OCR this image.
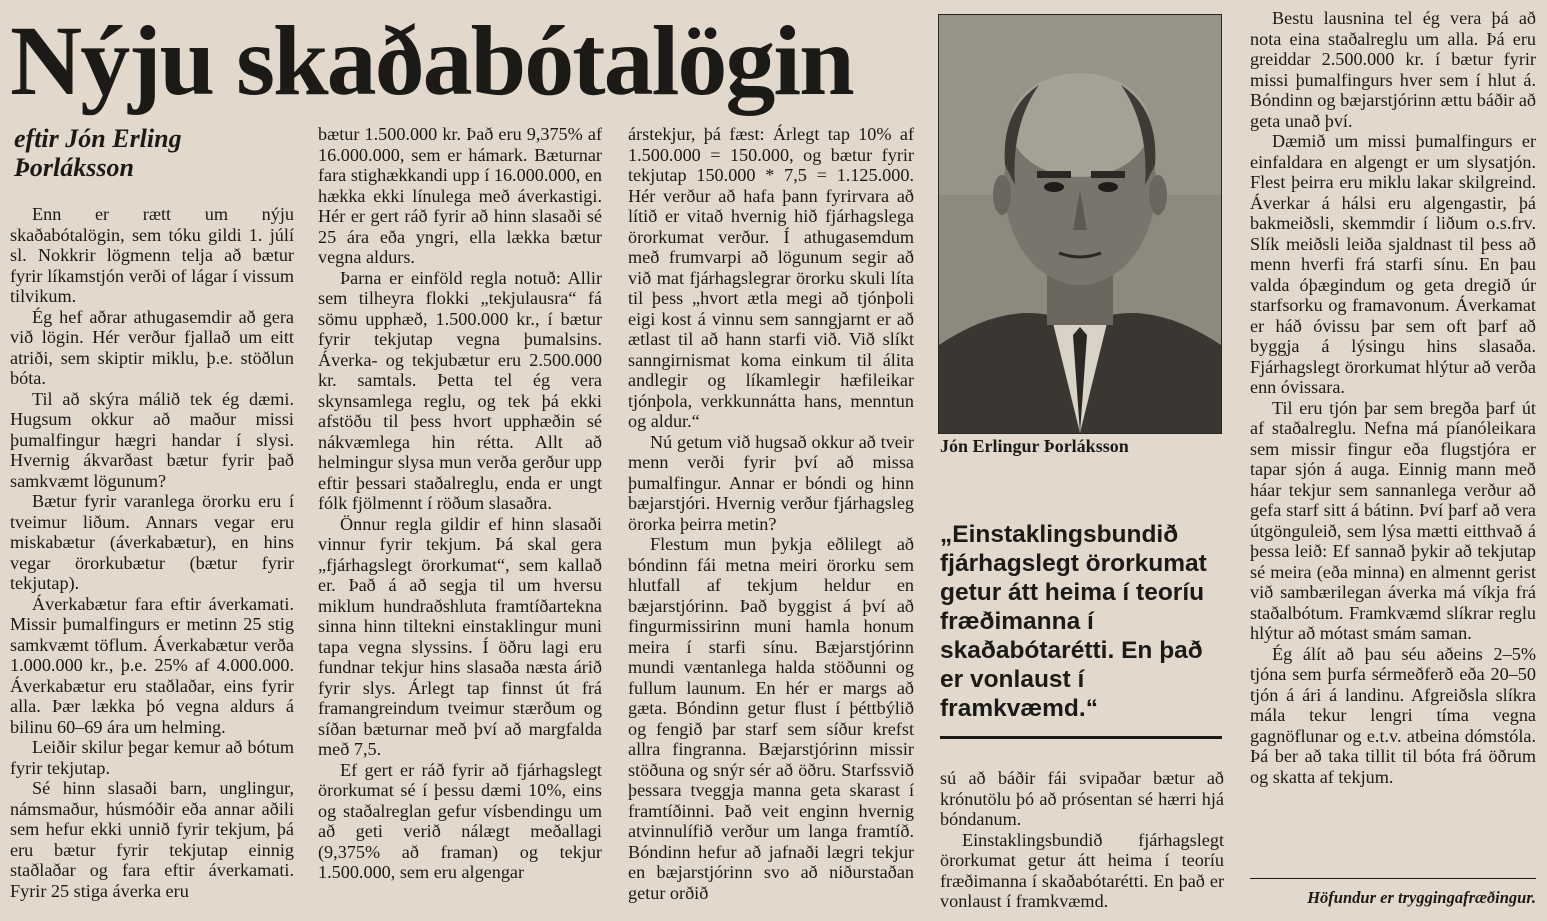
Nýju skaðabótalögin
eftir Jón Erling Þorláksson

Enn er rætt um nýju skaðabótalögin, sem tóku gildi 1. júlí sl. Nokkrir lögmenn telja að bætur fyrir líkamstjón verði of lágar í vissum tilvikum.

Ég hef aðrar athugasemdir að gera við lögin. Hér verður fjallað um eitt atriði, sem skiptir miklu, þ.e. stöðlun bóta.

Til að skýra málið tek ég dæmi. Hugsum okkur að maður missi þumalfingur hægri handar í slysi. Hvernig ákvarðast bætur fyrir það samkvæmt lögunum?

Bætur fyrir varanlega örorku eru í tveimur liðum. Annars vegar eru miskabætur (áverkabætur), en hins vegar örorkubætur (bætur fyrir tekjutap).

Áverkabætur fara eftir áverkamati. Missir þumalfingurs er metinn 25 stig samkvæmt töflum. Áverkabætur verða 1.000.000 kr., þ.e. 25% af 4.000.000. Áverkabætur eru staðlaðar, eins fyrir alla. Þær lækka þó vegna aldurs á bilinu 60–69 ára um helming.

Leiðir skilur þegar kemur að bótum fyrir tekjutap.

Sé hinn slasaði barn, unglingur, námsmaður, húsmóðir eða annar aðili sem hefur ekki unnið fyrir tekjum, þá eru bætur fyrir tekjutap einnig staðlaðar og fara eftir áverkamati. Fyrir 25 stiga áverka eru

bætur 1.500.000 kr. Það eru 9,375% af 16.000.000, sem er hámark. Bæturnar fara stighækkandi upp í 16.000.000, en hækka ekki línulega með áverkastigi. Hér er gert ráð fyrir að hinn slasaði sé 25 ára eða yngri, ella lækka bætur vegna aldurs.

Þarna er einföld regla notuð: Allir sem tilheyra flokki „tekjulausra“ fá sömu upphæð, 1.500.000 kr., í bætur fyrir tekjutap vegna þumalsins. Áverka- og tekjubætur eru 2.500.000 kr. samtals. Þetta tel ég vera skynsamlega reglu, og tek þá ekki afstöðu til þess hvort upphæðin sé nákvæmlega hin rétta. Allt að helmingur slysa mun verða gerður upp eftir þessari staðalreglu, enda er ungt fólk fjölmennt í röðum slasaðra.

Önnur regla gildir ef hinn slasaði vinnur fyrir tekjum. Þá skal gera „fjárhagslegt örorkumat“, sem kallað er. Það á að segja til um hversu miklum hundraðshluta framtíðartekna sinna hinn tiltekni einstaklingur muni tapa vegna slyssins. Í öðru lagi eru fundnar tekjur hins slasaða næsta árið fyrir slys. Árlegt tap finnst út frá framangreindum tveimur stærðum og síðan bæturnar með því að margfalda með 7,5.

Ef gert er ráð fyrir að fjárhagslegt örorkumat sé í þessu dæmi 10%, eins og staðalreglan gefur vísbendingu um að geti verið nálægt meðallagi (9,375% að framan) og tekjur 1.500.000, sem eru algengar

árstekjur, þá fæst: Árlegt tap 10% af 1.500.000 = 150.000, og bætur fyrir tekjutap 150.000 * 7,5 = 1.125.000. Hér verður að hafa þann fyrirvara að lítið er vitað hvernig hið fjárhagslega örorkumat verður. Í athugasemdum með frumvarpi að lögunum segir að við mat fjárhagslegrar örorku skuli líta til þess „hvort ætla megi að tjónþoli eigi kost á vinnu sem sanngjarnt er að ætlast til að hann starfi við. Við slíkt sanngirnismat koma einkum til álita andlegir og líkamlegir hæfileikar tjónþola, verkkunnátta hans, menntun og aldur.“

Nú getum við hugsað okkur að tveir menn verði fyrir því að missa þumalfingur. Annar er bóndi og hinn bæjarstjóri. Hvernig verður fjárhagsleg örorka þeirra metin?

Flestum mun þykja eðlilegt að bóndinn fái metna meiri örorku sem hlutfall af tekjum heldur en bæjarstjórinn. Það byggist á því að fingurmissirinn muni hamla honum meira í starfi sínu. Bæjarstjórinn mundi væntanlega halda stöðunni og fullum launum. En hér er margs að gæta. Bóndinn getur flust í þéttbýlið og fengið þar starf sem síður krefst allra fingranna. Bæjarstjórinn missir stöðuna og snýr sér að öðru. Starfssvið þessara tveggja manna geta skarast í framtíðinni. Það veit enginn hvernig atvinnulífið verður um langa framtíð. Bóndinn hefur að jafnaði lægri tekjur en bæjarstjórinn svo að niðurstaðan getur orðið

Jón Erlingur Þorláksson
„Einstaklingsbundið fjárhagslegt örorkumat getur átt heima í teoríu fræðimanna í skaðabótarétti. En það er vonlaust í framkvæmd.“

sú að báðir fái svipaðar bætur að krónutölu þó að prósentan sé hærri hjá bóndanum.

Einstaklingsbundið fjárhagslegt örorkumat getur átt heima í teoríu fræðimanna í skaðabótarétti. En það er vonlaust í framkvæmd.

Bestu lausnina tel ég vera þá að nota eina staðalreglu um alla. Þá eru greiddar 2.500.000 kr. í bætur fyrir missi þumalfingurs hver sem í hlut á. Bóndinn og bæjarstjórinn ættu báðir að geta unað því.

Dæmið um missi þumalfingurs er einfaldara en algengt er um slysatjón. Flest þeirra eru miklu lakar skilgreind. Áverkar á hálsi eru algengastir, þá bakmeiðsli, skemmdir í liðum o.s.frv. Slík meiðsli leiða sjaldnast til þess að menn hverfi frá starfi sínu. En þau valda óþægindum og geta dregið úr starfsorku og framavonum. Áverkamat er háð óvissu þar sem oft þarf að byggja á lýsingu hins slasaða. Fjárhagslegt örorkumat hlýtur að verða enn óvissara.

Til eru tjón þar sem bregða þarf út af staðalreglu. Nefna má píanóleikara sem missir fingur eða flugstjóra er tapar sjón á auga. Einnig mann með háar tekjur sem sannanlega verður að gefa starf sitt á bátinn. Því þarf að vera útgönguleið, sem lýsa mætti eitthvað á þessa leið: Ef sannað þykir að tekjutap sé meira (eða minna) en almennt gerist við sambærilegan áverka má víkja frá staðalbótum. Framkvæmd slíkrar reglu hlýtur að mótast smám saman.

Ég álít að þau séu aðeins 2–5% tjóna sem þurfa sérmeðferð eða 20–50 tjón á ári á landinu. Afgreiðsla slíkra mála tekur lengri tíma vegna gagnöflunar og e.t.v. atbeina dómstóla. Þá ber að taka tillit til bóta frá öðrum og skatta af tekjum.

Höfundur er tryggingafræðingur.
